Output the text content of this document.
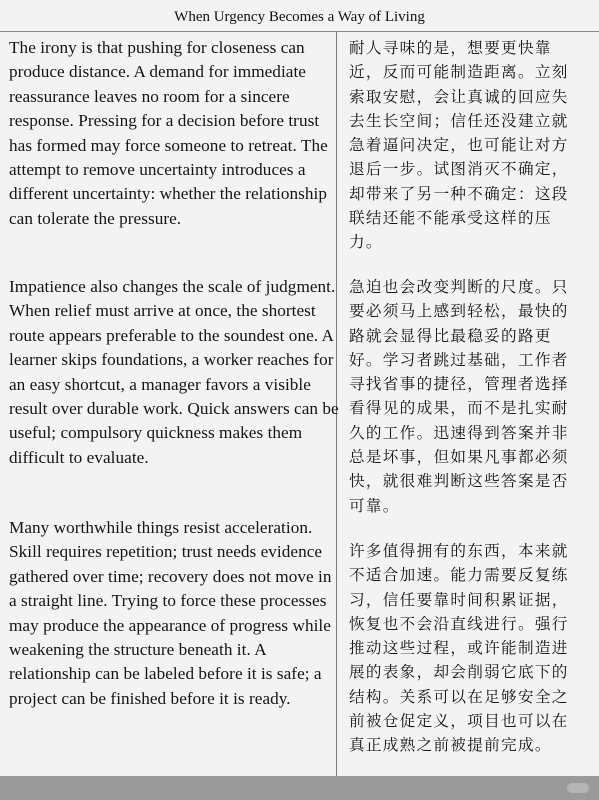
When Urgency Becomes a Way of Living
The irony is that pushing for closeness can produce distance. A demand for immediate reassurance leaves no room for a sincere response. Pressing for a decision before trust has formed may force someone to retreat. The attempt to remove uncertainty introduces a different uncertainty: whether the relationship can tolerate the pressure.
耐人寻味的是，想要更快靠近，反而可能制造距离。立刻索取安慰，会让真诚的回应失去生长空间；信任还没建立就急着逼问决定，也可能让对方退后一步。试图消灭不确定，却带来了另一种不确定：这段联结还能不能承受这样的压力。
Impatience also changes the scale of judgment. When relief must arrive at once, the shortest route appears preferable to the soundest one. A learner skips foundations, a worker reaches for an easy shortcut, a manager favors a visible result over durable work. Quick answers can be useful; compulsory quickness makes them difficult to evaluate.
急迫也会改变判断的尺度。只要必须马上感到轻松，最快的路就会显得比最稳妥的路更好。学习者跳过基础，工作者寻找省事的捷径，管理者选择看得见的成果，而不是扎实耐久的工作。迅速得到答案并非总是坏事，但如果凡事都必须快，就很难判断这些答案是否可靠。
Many worthwhile things resist acceleration. Skill requires repetition; trust needs evidence gathered over time; recovery does not move in a straight line. Trying to force these processes may produce the appearance of progress while weakening the structure beneath it. A relationship can be labeled before it is safe; a project can be finished before it is ready.
许多值得拥有的东西，本来就不适合加速。能力需要反复练习，信任要靠时间积累证据，恢复也不会沿直线进行。强行推动这些过程，或许能制造进展的表象，却会削弱它底下的结构。关系可以在足够安全之前被仓促定义，项目也可以在真正成熟之前被提前完成。
